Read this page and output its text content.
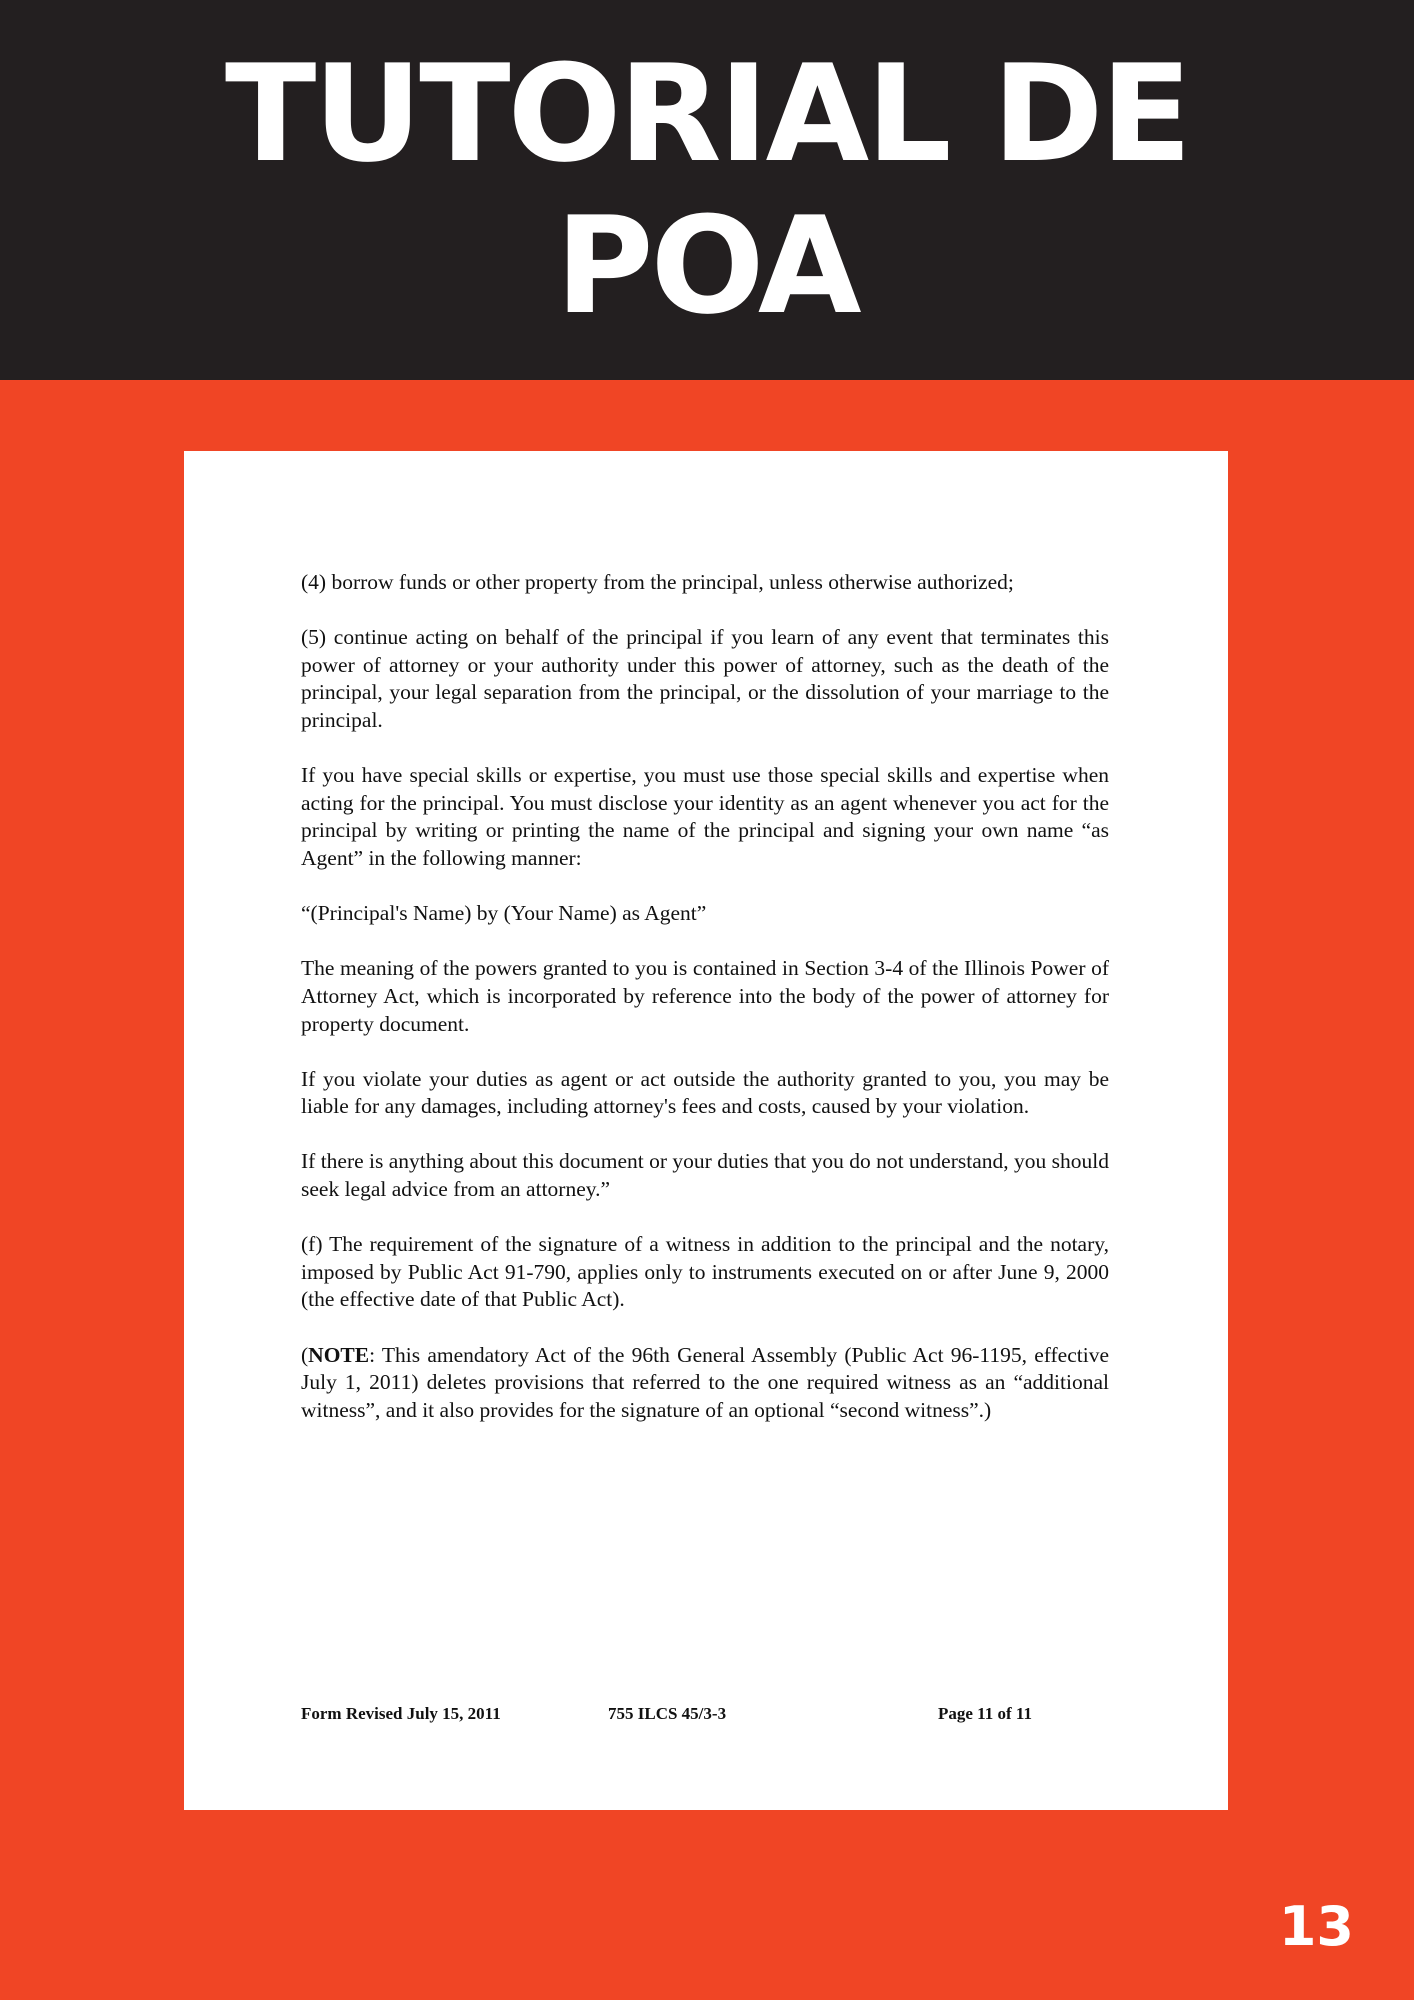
TUTORIAL DE
POA

(4) borrow funds or other property from the principal, unless otherwise authorized;

(5) continue acting on behalf of the principal if you learn of any event that terminates this power of attorney or your authority under this power of attorney, such as the death of the principal, your legal separation from the principal, or the dissolution of your marriage to the principal.

If you have special skills or expertise, you must use those special skills and expertise when acting for the principal. You must disclose your identity as an agent whenever you act for the principal by writing or printing the name of the principal and signing your own name “as Agent” in the following manner:

“(Principal's Name) by (Your Name) as Agent”

The meaning of the powers granted to you is contained in Section 3-4 of the Illinois Power of Attorney Act, which is incorporated by reference into the body of the power of attorney for property document.

If you violate your duties as agent or act outside the authority granted to you, you may be liable for any damages, including attorney's fees and costs, caused by your violation.

If there is anything about this document or your duties that you do not understand, you should seek legal advice from an attorney.”

(f) The requirement of the signature of a witness in addition to the principal and the notary, imposed by Public Act 91-790, applies only to instruments executed on or after June 9, 2000 (the effective date of that Public Act).

(NOTE: This amendatory Act of the 96th General Assembly (Public Act 96-1195, effective July 1, 2011) deletes provisions that referred to the one required witness as an “additional witness”, and it also provides for the signature of an optional “second witness”.)

Form Revised July 15, 2011	755 ILCS 45/3-3	Page 11 of 11
13
